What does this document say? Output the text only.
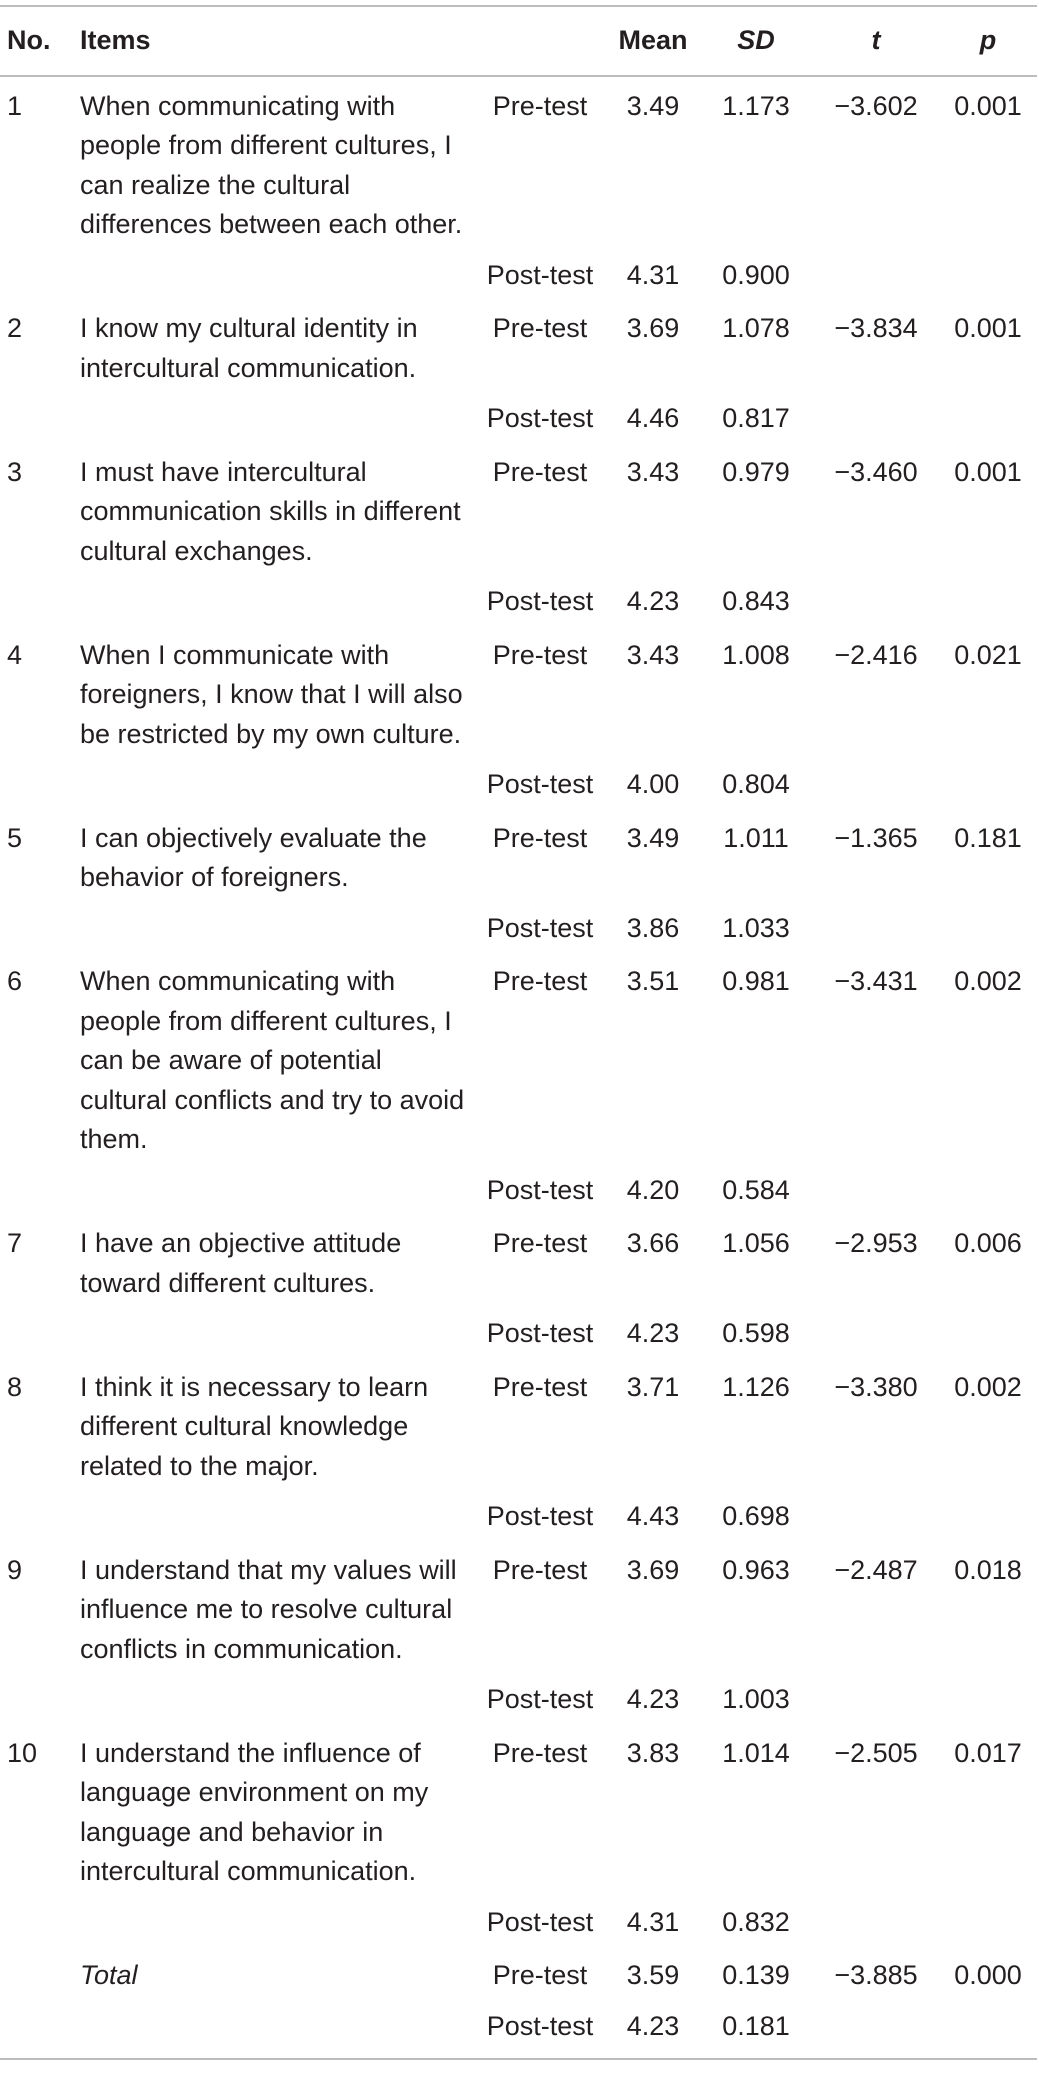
No.	Items		Mean	SD	t	p
1	When communicating with people from different cultures, I can realize the cultural differences between each other.	Pre-test	3.49	1.173	−3.602	0.001
		Post-test	4.31	0.900		
2	I know my cultural identity in intercultural communication.	Pre-test	3.69	1.078	−3.834	0.001
		Post-test	4.46	0.817		
3	I must have intercultural communication skills in different cultural exchanges.	Pre-test	3.43	0.979	−3.460	0.001
		Post-test	4.23	0.843		
4	When I communicate with foreigners, I know that I will also be restricted by my own culture.	Pre-test	3.43	1.008	−2.416	0.021
		Post-test	4.00	0.804		
5	I can objectively evaluate the behavior of foreigners.	Pre-test	3.49	1.011	−1.365	0.181
		Post-test	3.86	1.033		
6	When communicating with people from different cultures, I can be aware of potential cultural conflicts and try to avoid them.	Pre-test	3.51	0.981	−3.431	0.002
		Post-test	4.20	0.584		
7	I have an objective attitude toward different cultures.	Pre-test	3.66	1.056	−2.953	0.006
		Post-test	4.23	0.598		
8	I think it is necessary to learn different cultural knowledge related to the major.	Pre-test	3.71	1.126	−3.380	0.002
		Post-test	4.43	0.698		
9	I understand that my values will influence me to resolve cultural conflicts in communication.	Pre-test	3.69	0.963	−2.487	0.018
		Post-test	4.23	1.003		
10	I understand the influence of language environment on my language and behavior in intercultural communication.	Pre-test	3.83	1.014	−2.505	0.017
		Post-test	4.31	0.832		
	Total	Pre-test	3.59	0.139	−3.885	0.000
		Post-test	4.23	0.181		
